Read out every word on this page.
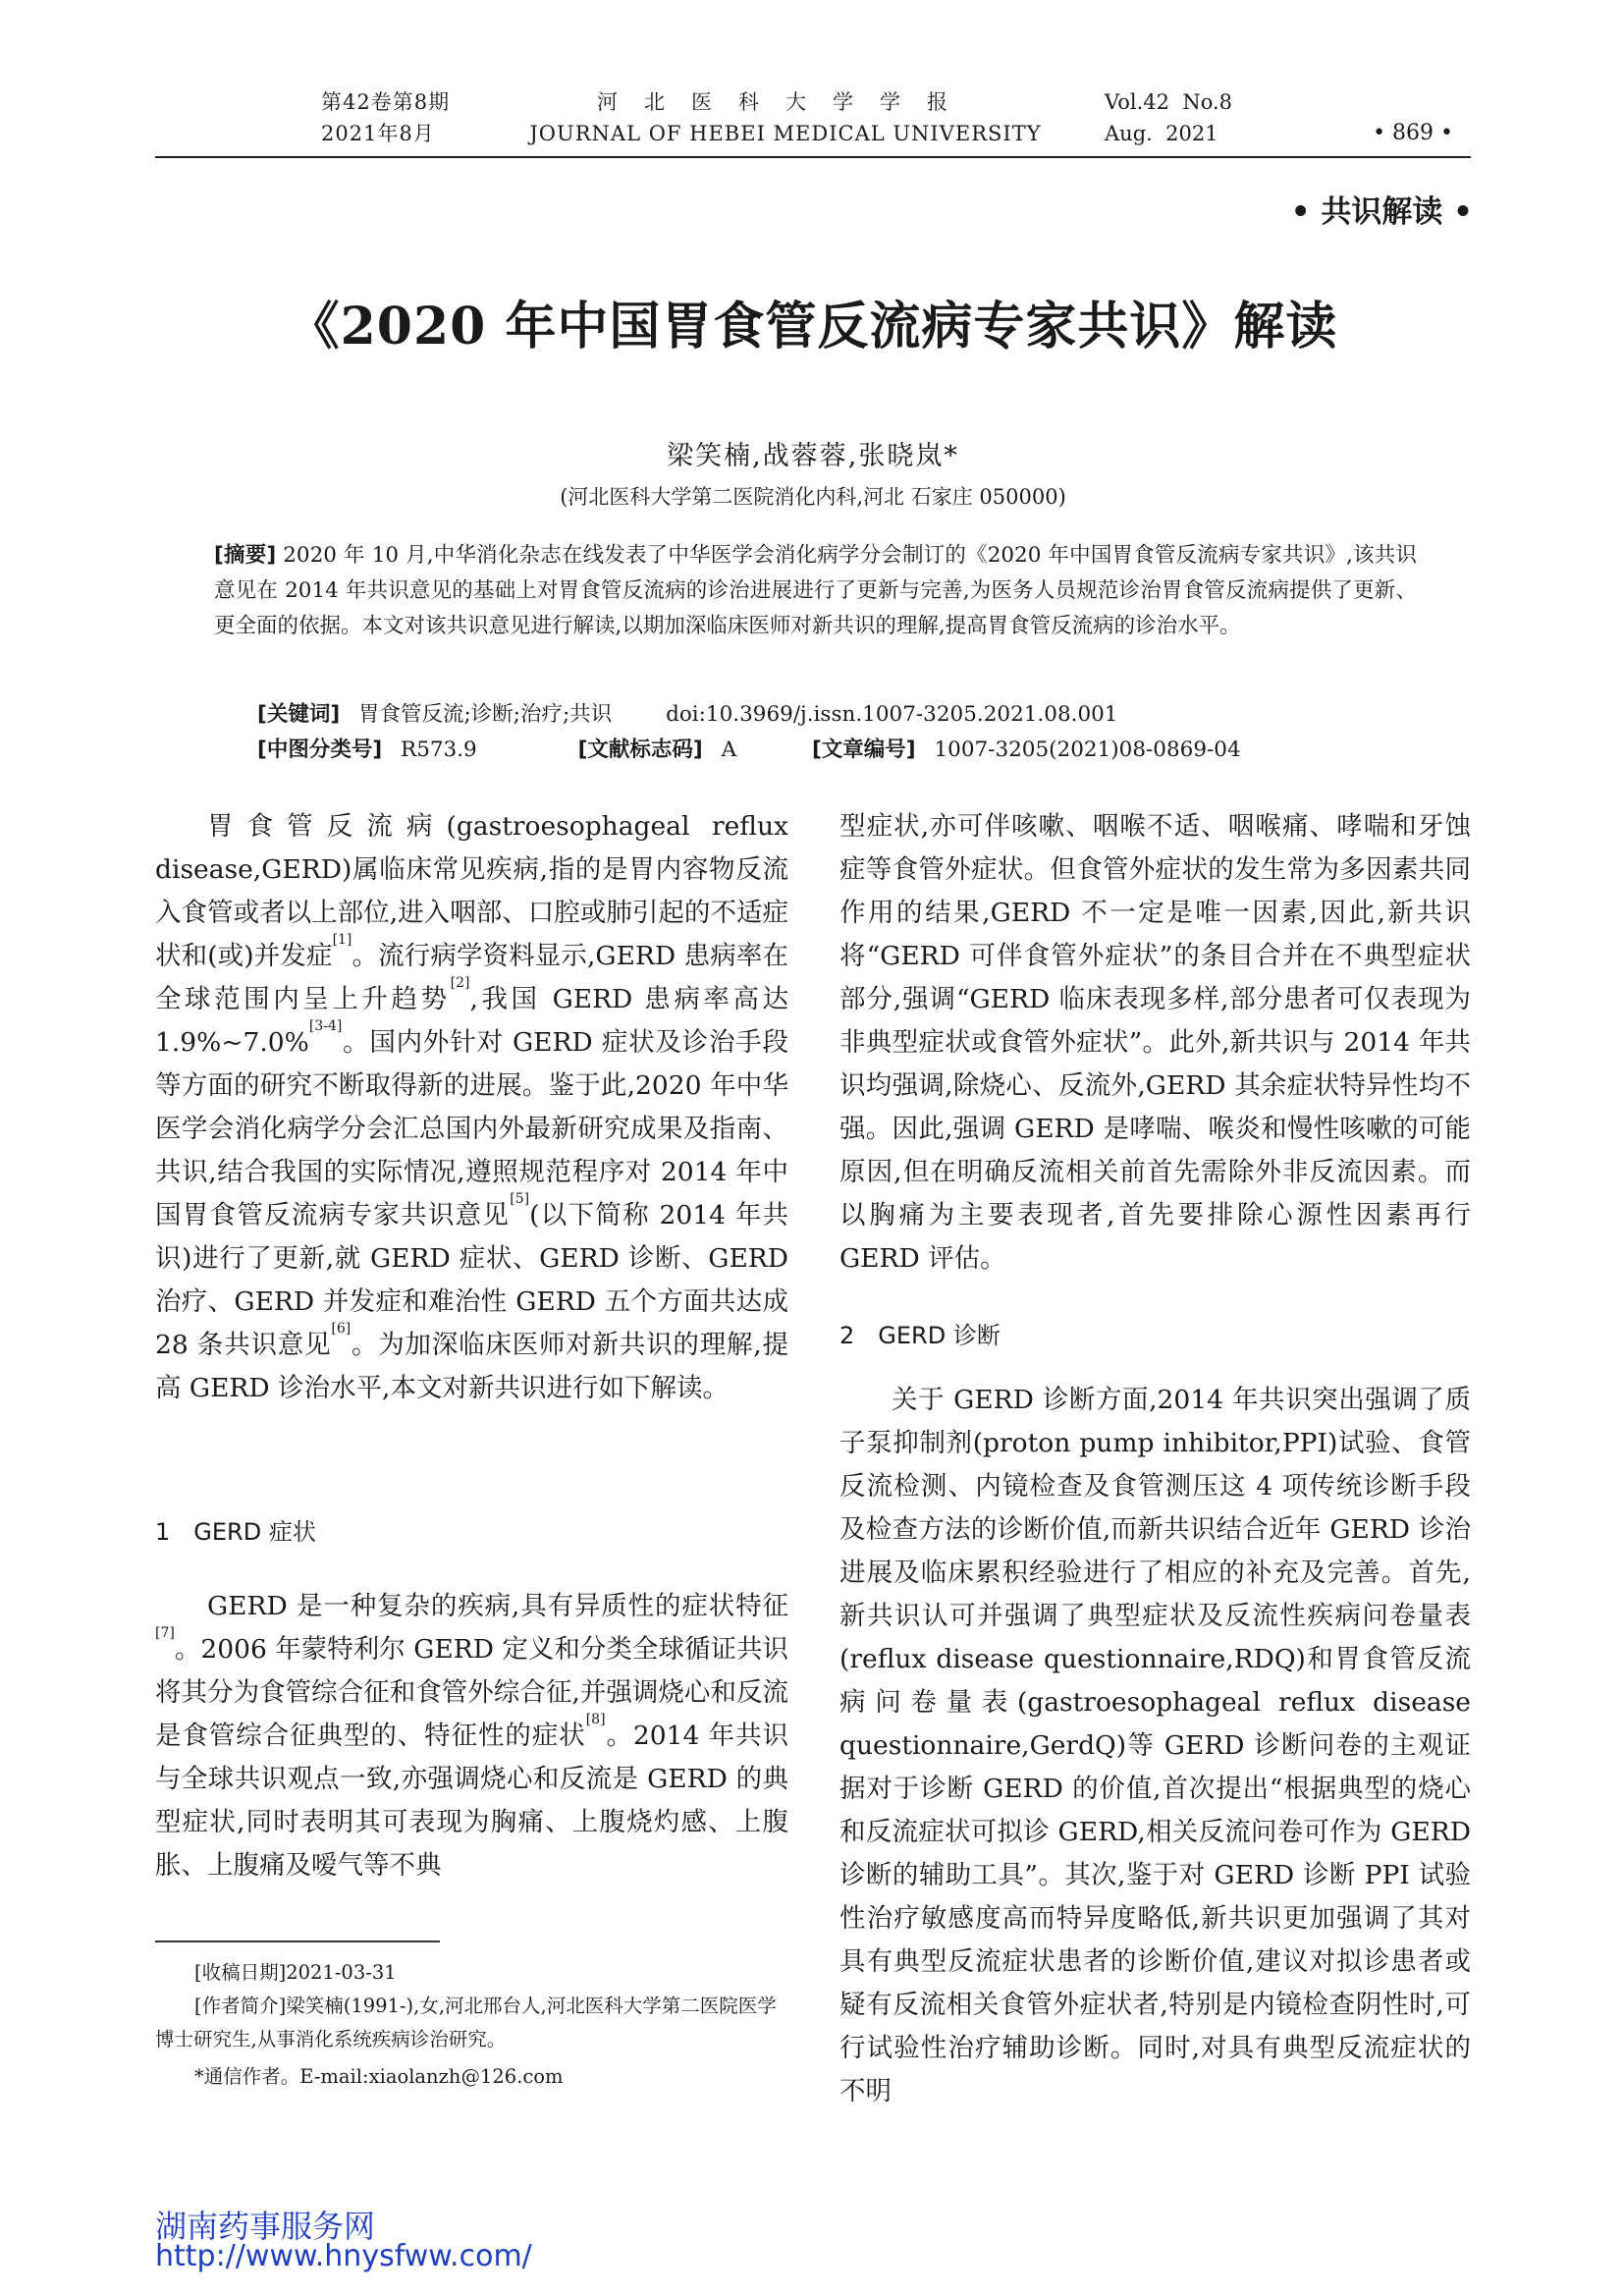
第42卷第8期
2021年8月
河北医科大学学报
JOURNAL OF HEBEI MEDICAL UNIVERSITY
Vol.42  No.8
Aug.  2021	• 869 •
• 共识解读 •
《2020 年中国胃食管反流病专家共识》解读
梁笑楠,战蓉蓉,张晓岚*
(河北医科大学第二医院消化内科,河北 石家庄 050000)
[摘要] 2020 年 10 月,中华消化杂志在线发表了中华医学会消化病学分会制订的《2020 年中国胃食管反流病专家共识》,该共识意见在 2014 年共识意见的基础上对胃食管反流病的诊治进展进行了更新与完善,为医务人员规范诊治胃食管反流病提供了更新、更全面的依据。本文对该共识意见进行解读,以期加深临床医师对新共识的理解,提高胃食管反流病的诊治水平。
[关键词] 胃食管反流;诊断;治疗;共识	doi:10.3969/j.issn.1007-3205.2021.08.001
[中图分类号] R573.9	[文献标志码] A	[文章编号] 1007-3205(2021)08-0869-04

胃食管反流病(gastroesophageal reflux disease,GERD)属临床常见疾病,指的是胃内容物反流入食管或者以上部位,进入咽部、口腔或肺引起的不适症状和(或)并发症[1]。流行病学资料显示,GERD 患病率在全球范围内呈上升趋势[2],我国 GERD 患病率高达1.9%~7.0%[3-4]。国内外针对 GERD 症状及诊治手段等方面的研究不断取得新的进展。鉴于此,2020 年中华医学会消化病学分会汇总国内外最新研究成果及指南、共识,结合我国的实际情况,遵照规范程序对 2014 年中国胃食管反流病专家共识意见[5](以下简称 2014 年共识)进行了更新,就 GERD 症状、GERD 诊断、GERD 治疗、GERD 并发症和难治性 GERD 五个方面共达成 28 条共识意见[6]。为加深临床医师对新共识的理解,提高 GERD 诊治水平,本文对新共识进行如下解读。

1　GERD 症状

GERD 是一种复杂的疾病,具有异质性的症状特征[7]。2006 年蒙特利尔 GERD 定义和分类全球循证共识将其分为食管综合征和食管外综合征,并强调烧心和反流是食管综合征典型的、特征性的症状[8]。2014 年共识与全球共识观点一致,亦强调烧心和反流是 GERD 的典型症状,同时表明其可表现为胸痛、上腹烧灼感、上腹胀、上腹痛及嗳气等不典

型症状,亦可伴咳嗽、咽喉不适、咽喉痛、哮喘和牙蚀症等食管外症状。但食管外症状的发生常为多因素共同作用的结果,GERD 不一定是唯一因素,因此,新共识将“GERD 可伴食管外症状”的条目合并在不典型症状部分,强调“GERD 临床表现多样,部分患者可仅表现为非典型症状或食管外症状”。此外,新共识与 2014 年共识均强调,除烧心、反流外,GERD 其余症状特异性均不强。因此,强调 GERD 是哮喘、喉炎和慢性咳嗽的可能原因,但在明确反流相关前首先需除外非反流因素。而以胸痛为主要表现者,首先要排除心源性因素再行 GERD 评估。

2　GERD 诊断

关于 GERD 诊断方面,2014 年共识突出强调了质子泵抑制剂(proton pump inhibitor,PPI)试验、食管反流检测、内镜检查及食管测压这 4 项传统诊断手段及检查方法的诊断价值,而新共识结合近年 GERD 诊治进展及临床累积经验进行了相应的补充及完善。首先,新共识认可并强调了典型症状及反流性疾病问卷量表(reflux disease questionnaire,RDQ)和胃食管反流病问卷量表(gastroesophageal reflux disease questionnaire,GerdQ)等 GERD 诊断问卷的主观证据对于诊断 GERD 的价值,首次提出“根据典型的烧心和反流症状可拟诊 GERD,相关反流问卷可作为 GERD 诊断的辅助工具”。其次,鉴于对 GERD 诊断 PPI 试验性治疗敏感度高而特异度略低,新共识更加强调了其对具有典型反流症状患者的诊断价值,建议对拟诊患者或疑有反流相关食管外症状者,特别是内镜检查阴性时,可行试验性治疗辅助诊断。同时,对具有典型反流症状的不明

[收稿日期]2021-03-31
[作者简介]梁笑楠(1991-),女,河北邢台人,河北医科大学第二医院医学博士研究生,从事消化系统疾病诊治研究。
*通信作者。E-mail:xiaolanzh@126.com
湖南药事服务网
http://www.hnysfww.com/
